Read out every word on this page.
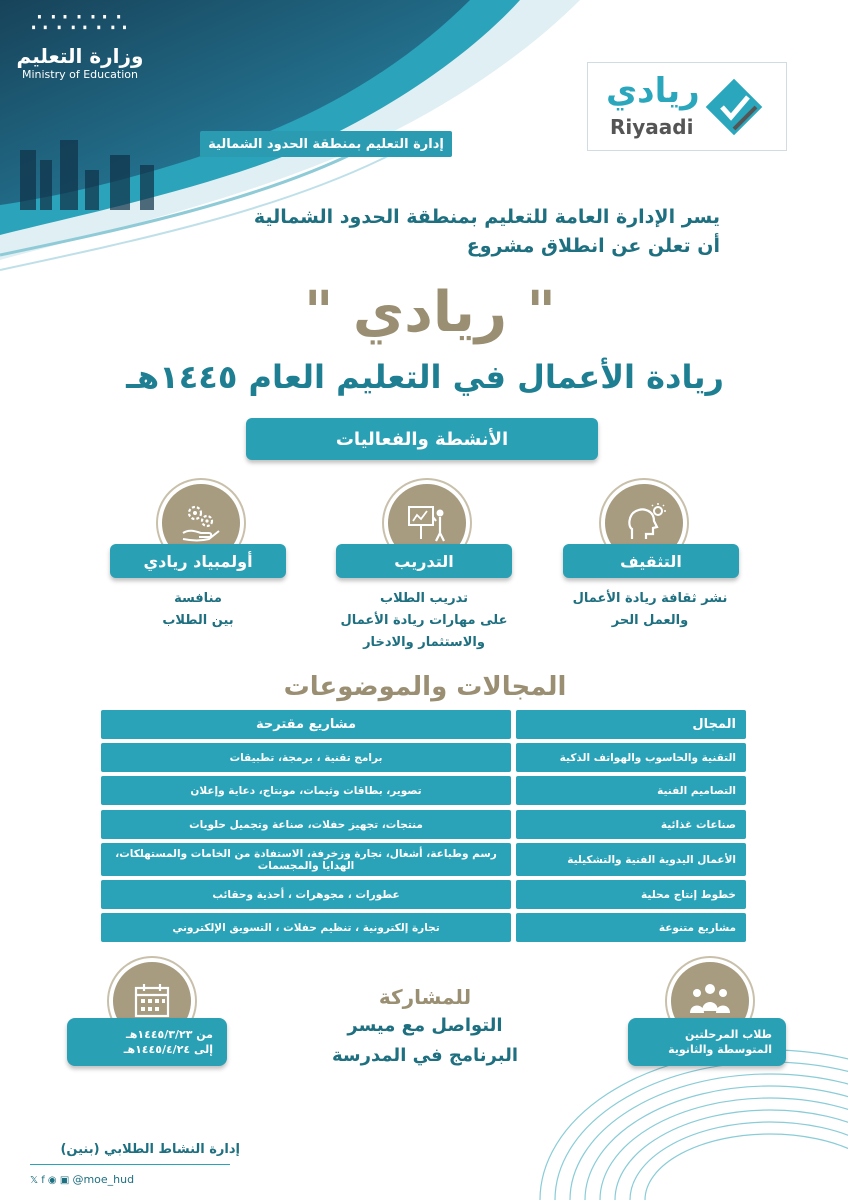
∴∵∴∵∴
وزارة التعليم
Ministry of Education
إدارة التعليم بمنطقة الحدود الشمالية
ريادي
Riyaadi
يسر الإدارة العامة للتعليم بمنطقة الحدود الشمالية
أن تعلن عن انطلاق مشروع
" ريادي "
ريادة الأعمال في التعليم العام ١٤٤٥هـ
الأنشطة والفعاليات
التثقيف
نشر ثقافة ريادة الأعمال
والعمل الحر
التدريب
تدريب الطلاب
على مهارات ريادة الأعمال
والاستثمار والادخار
أولمبياد ريادي
منافسة
بين الطلاب
المجالات والموضوعات
المجال
مشاريع مقترحة
التقنية والحاسوب والهواتف الذكية
برامج تقنية ، برمجة، تطبيقات
التصاميم الفنية
تصوير، بطاقات وثيمات، مونتاج، دعاية وإعلان
صناعات غذائية
منتجات، تجهيز حفلات، صناعة وتجميل حلويات
الأعمال اليدوية الفنية والتشكيلية
رسم وطباعة، أشغال، نجارة وزخرفة، الاستفادة من الخامات والمستهلكات، الهدايا والمجسمات
خطوط إنتاج محلية
عطورات ، مجوهرات ، أحذية وحقائب
مشاريع متنوعة
تجارة إلكترونية ، تنظيم حفلات ، التسويق الإلكتروني
من ١٤٤٥/٣/٢٣هـ
إلى ١٤٤٥/٤/٢٤هـ
للمشاركة
التواصل مع ميسر
البرنامج في المدرسة
طلاب المرحلتين
المتوسطة والثانوية
إدارة النشاط الطلابي (بنين)
𝕏 f ◉ ▣ @moe_hud
